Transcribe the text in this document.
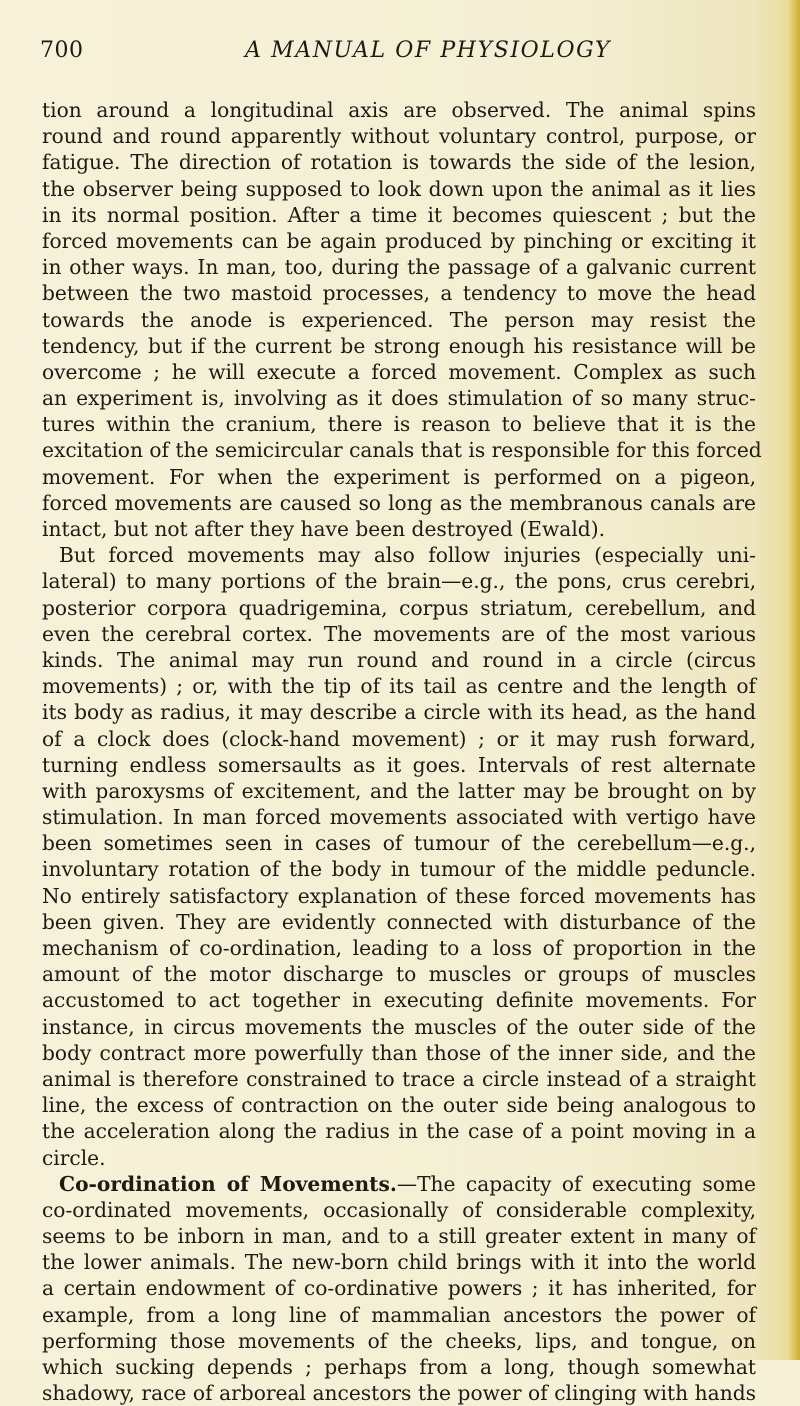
700	A MANUAL OF PHYSIOLOGY
tion around a longitudinal axis are observed. The animal spins
round and round apparently without voluntary control, purpose, or
fatigue. The direction of rotation is towards the side of the lesion,
the observer being supposed to look down upon the animal as it lies
in its normal position. After a time it becomes quiescent ; but the
forced movements can be again produced by pinching or exciting it
in other ways. In man, too, during the passage of a galvanic current
between the two mastoid processes, a tendency to move the head
towards the anode is experienced. The person may resist the
tendency, but if the current be strong enough his resistance will be
overcome ; he will execute a forced movement. Complex as such
an experiment is, involving as it does stimulation of so many struc-
tures within the cranium, there is reason to believe that it is the
excitation of the semicircular canals that is responsible for this forced
movement. For when the experiment is performed on a pigeon,
forced movements are caused so long as the membranous canals are
intact, but not after they have been destroyed (Ewald).
But forced movements may also follow injuries (especially uni-
lateral) to many portions of the brain—e.g., the pons, crus cerebri,
posterior corpora quadrigemina, corpus striatum, cerebellum, and
even the cerebral cortex. The movements are of the most various
kinds. The animal may run round and round in a circle (circus
movements) ; or, with the tip of its tail as centre and the length of
its body as radius, it may describe a circle with its head, as the hand
of a clock does (clock-hand movement) ; or it may rush forward,
turning endless somersaults as it goes. Intervals of rest alternate
with paroxysms of excitement, and the latter may be brought on by
stimulation. In man forced movements associated with vertigo have
been sometimes seen in cases of tumour of the cerebellum—e.g.,
involuntary rotation of the body in tumour of the middle peduncle.
No entirely satisfactory explanation of these forced movements has
been given. They are evidently connected with disturbance of the
mechanism of co-ordination, leading to a loss of proportion in the
amount of the motor discharge to muscles or groups of muscles
accustomed to act together in executing definite movements. For
instance, in circus movements the muscles of the outer side of the
body contract more powerfully than those of the inner side, and the
animal is therefore constrained to trace a circle instead of a straight
line, the excess of contraction on the outer side being analogous to
the acceleration along the radius in the case of a point moving in a
circle.
Co-ordination of Movements.—The capacity of executing some
co-ordinated movements, occasionally of considerable complexity,
seems to be inborn in man, and to a still greater extent in many of
the lower animals. The new-born child brings with it into the world
a certain endowment of co-ordinative powers ; it has inherited, for
example, from a long line of mammalian ancestors the power of
performing those movements of the cheeks, lips, and tongue, on
which sucking depends ; perhaps from a long, though somewhat
shadowy, race of arboreal ancestors the power of clinging with hands
